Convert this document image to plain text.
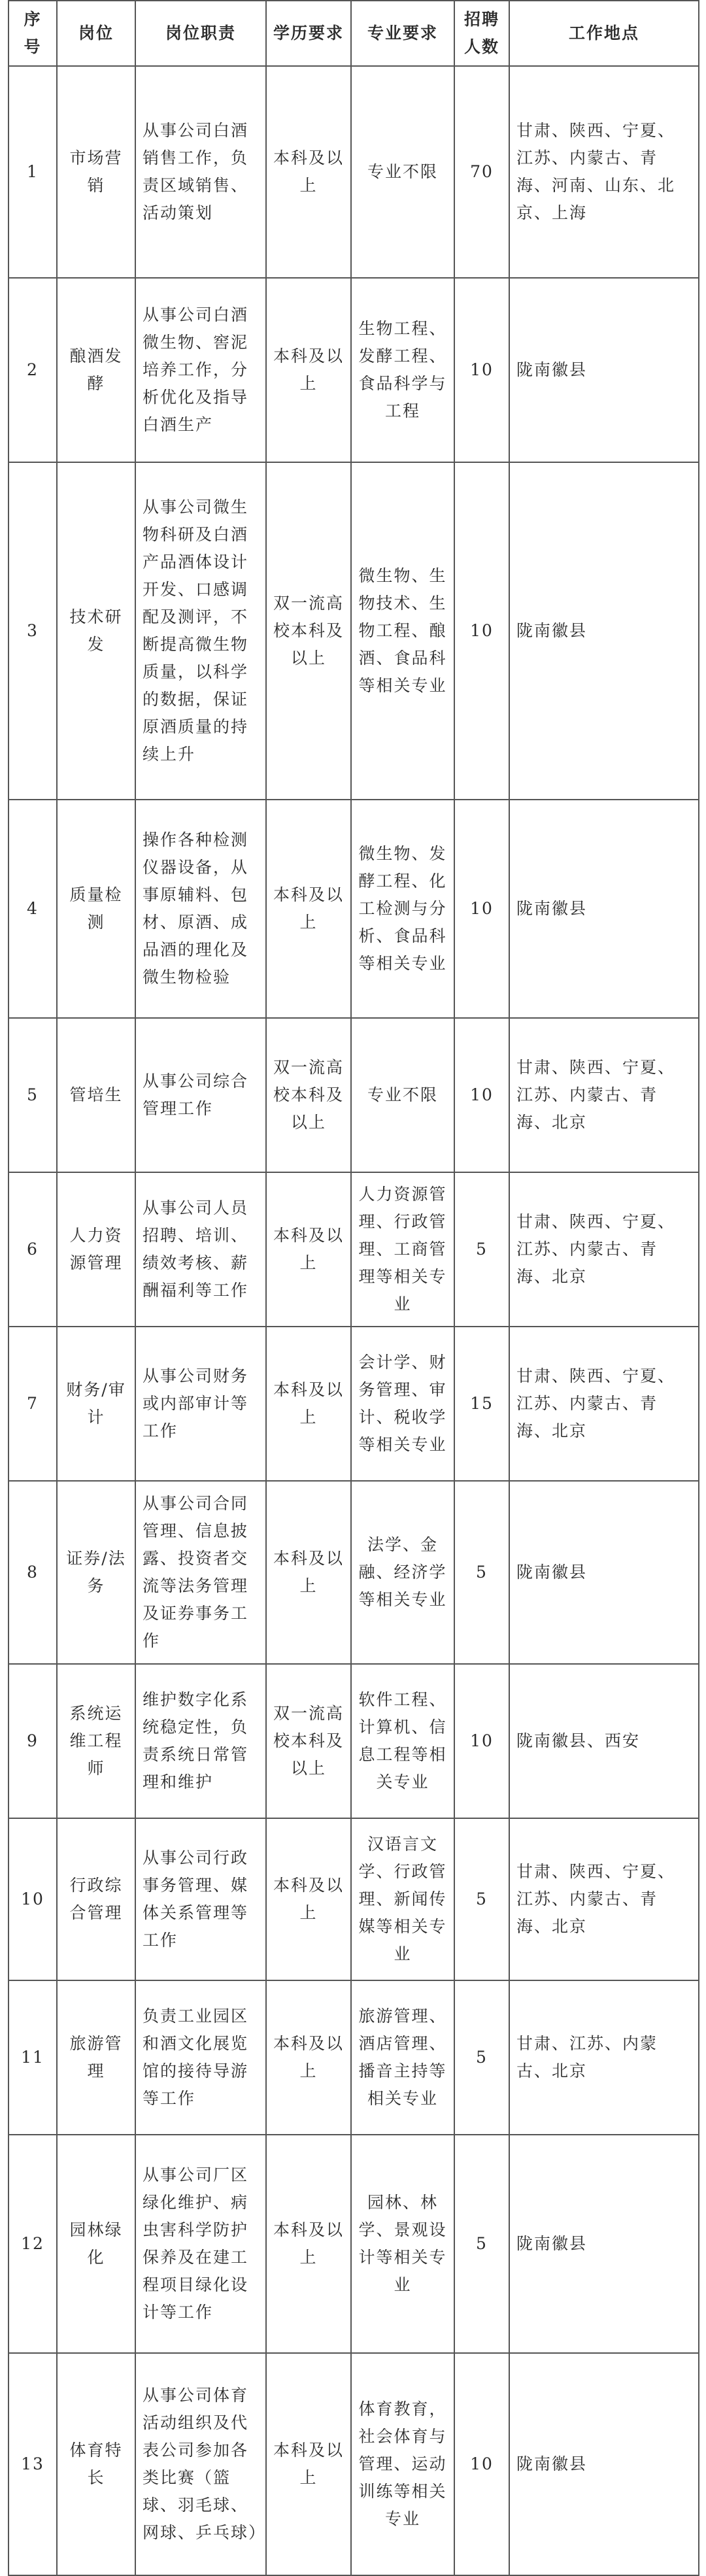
序号	岗位	岗位职责	学历要求	专业要求	招聘人数	工作地点
1	市场营销	从事公司白酒销售工作，负责区域销售、活动策划	本科及以上	专业不限	70	甘肃、陕西、宁夏、江苏、内蒙古、青海、河南、山东、北京、上海
2	酿酒发酵	从事公司白酒微生物、窖泥培养工作，分析优化及指导白酒生产	本科及以上	生物工程、发酵工程、食品科学与工程	10	陇南徽县
3	技术研发	从事公司微生物科研及白酒产品酒体设计开发、口感调配及测评，不断提高微生物质量，以科学的数据，保证原酒质量的持续上升	双一流高校本科及以上	微生物、生物技术、生物工程、酿酒、食品科等相关专业	10	陇南徽县
4	质量检测	操作各种检测仪器设备，从事原辅料、包材、原酒、成品酒的理化及微生物检验	本科及以上	微生物、发酵工程、化工检测与分析、食品科等相关专业	10	陇南徽县
5	管培生	从事公司综合管理工作	双一流高校本科及以上	专业不限	10	甘肃、陕西、宁夏、江苏、内蒙古、青海、北京
6	人力资源管理	从事公司人员招聘、培训、绩效考核、薪酬福利等工作	本科及以上	人力资源管理、行政管理、工商管理等相关专业	5	甘肃、陕西、宁夏、江苏、内蒙古、青海、北京
7	财务/审计	从事公司财务或内部审计等工作	本科及以上	会计学、财务管理、审计、税收学等相关专业	15	甘肃、陕西、宁夏、江苏、内蒙古、青海、北京
8	证券/法务	从事公司合同管理、信息披露、投资者交流等法务管理及证券事务工作	本科及以上	法学、金融、经济学等相关专业	5	陇南徽县
9	系统运维工程师	维护数字化系统稳定性，负责系统日常管理和维护	双一流高校本科及以上	软件工程、计算机、信息工程等相关专业	10	陇南徽县、西安
10	行政综合管理	从事公司行政事务管理、媒体关系管理等工作	本科及以上	汉语言文学、行政管理、新闻传媒等相关专业	5	甘肃、陕西、宁夏、江苏、内蒙古、青海、北京
11	旅游管理	负责工业园区和酒文化展览馆的接待导游等工作	本科及以上	旅游管理、酒店管理、播音主持等相关专业	5	甘肃、江苏、内蒙古、北京
12	园林绿化	从事公司厂区绿化维护、病虫害科学防护保养及在建工程项目绿化设计等工作	本科及以上	园林、林学、景观设计等相关专业	5	陇南徽县
13	体育特长	从事公司体育活动组织及代表公司参加各类比赛（篮球、羽毛球、网球、乒乓球）	本科及以上	体育教育，社会体育与管理、运动训练等相关专业	10	陇南徽县
